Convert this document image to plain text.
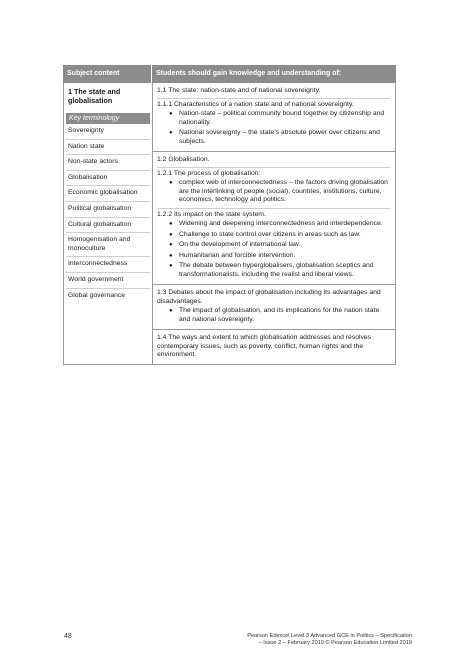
Subject content	Students should gain knowledge and understanding of:
1 The state and globalisation
Key terminology
Sovereignty
Nation state
Non-state actors
Globalisation
Economic globalisation
Political globalisation
Cultural globalisation
Homogenisation and monoculture
Interconnectedness
World government
Global governance
1.1 The state: nation-state and of national sovereignty.
1.1.1 Characteristics of a nation state and of national sovereignty.
● Nation-state – political community bound together by citizenship and nationality.
● National sovereignty – the state’s absolute power over citizens and subjects.
1.2 Globalisation.
1.2.1 The process of globalisation:
● complex web of interconnectedness – the factors driving globalisation are the interlinking of people (social), countries, institutions, culture, economics, technology and politics.
1.2.2 Its impact on the state system.
● Widening and deepening interconnectedness and interdependence.
● Challenge to state control over citizens in areas such as law.
● On the development of international law.
● Humanitarian and forcible intervention.
● The debate between hyperglobalisers, globalisation sceptics and transformationalists, including the realist and liberal views.
1.3 Debates about the impact of globalisation including its advantages and disadvantages.
● The impact of globalisation, and its implications for the nation state and national sovereignty.
1.4 The ways and extent to which globalisation addresses and resolves contemporary issues, such as poverty, conflict, human rights and the environment.
48	Pearson Edexcel Level 3 Advanced GCE in Politics – Specification
– Issue 2 – February 2019 © Pearson Education Limited 2019
